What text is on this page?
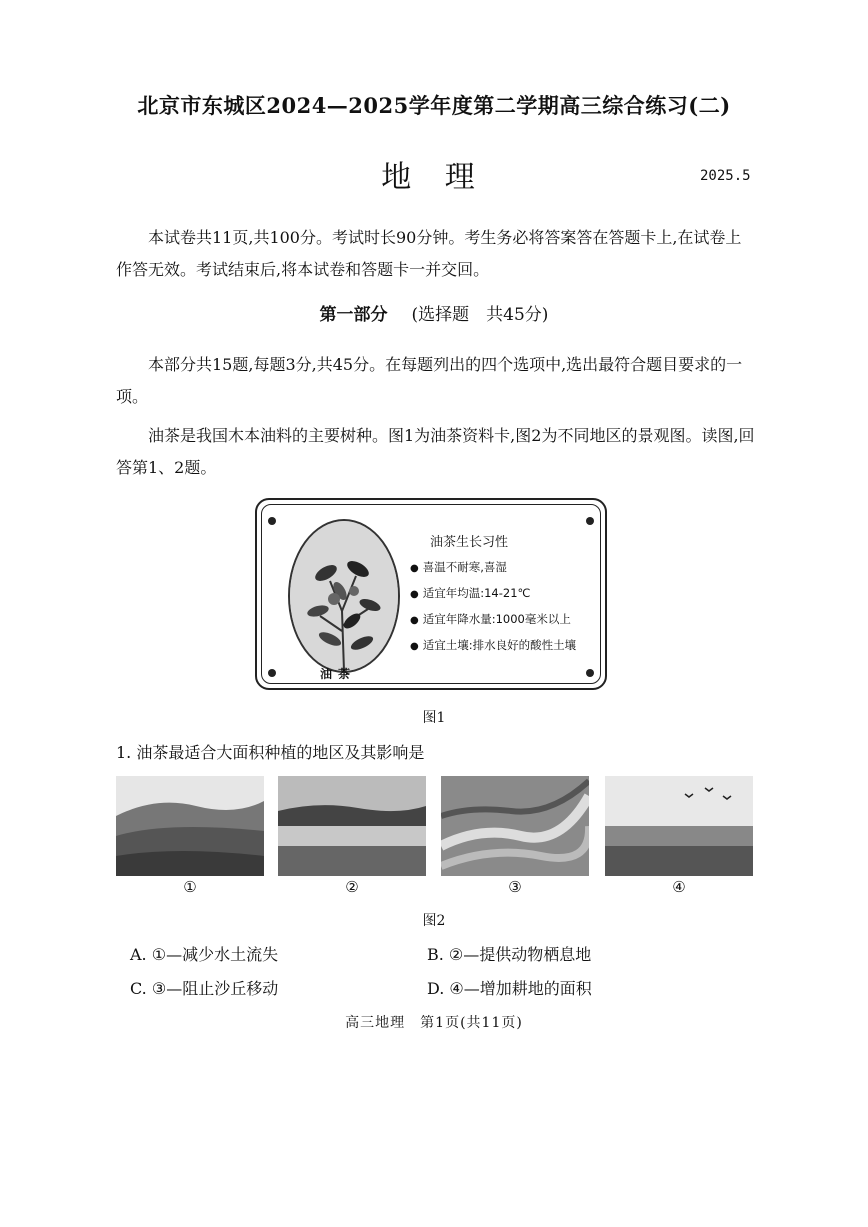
北京市东城区2024—2025学年度第二学期高三综合练习(二)
地 理	2025.5
本试卷共11页,共100分。考试时长90分钟。考生务必将答案答在答题卡上,在试卷上作答无效。考试结束后,将本试卷和答题卡一并交回。
第一部分 (选择题　共45分)
本部分共15题,每题3分,共45分。在每题列出的四个选项中,选出最符合题目要求的一项。
油茶是我国木本油料的主要树种。图1为油茶资料卡,图2为不同地区的景观图。读图,回答第1、2题。
油茶
油茶生长习性
● 喜温不耐寒,喜湿
● 适宜年均温:14-21℃
● 适宜年降水量:1000毫米以上
● 适宜土壤:排水良好的酸性土壤
图1
1. 油茶最适合大面积种植的地区及其影响是
①	②	③	④
图2
A. ①—减少水土流失	B. ②—提供动物栖息地
C. ③—阻止沙丘移动	D. ④—增加耕地的面积
高三地理　第1页(共11页)
